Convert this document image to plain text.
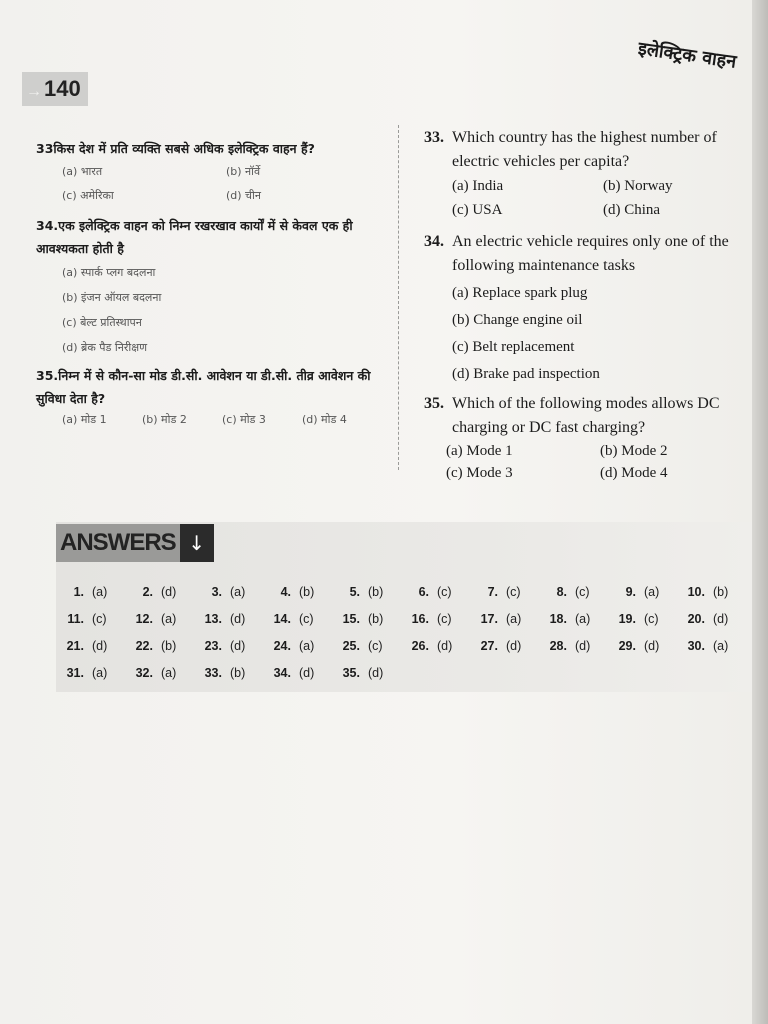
→140
इलेक्ट्रिक वाहन
33किस देश में प्रति व्यक्ति सबसे अधिक इलेक्ट्रिक वाहन हैं?
(a) भारत	(b) नॉर्वे
(c) अमेरिका	(d) चीन
34.एक इलेक्ट्रिक वाहन को निम्न रखरखाव कार्यों में से केवल एक ही आवश्यकता होती है
(a) स्पार्क प्लग बदलना
(b) इंजन ऑयल बदलना
(c) बेल्ट प्रतिस्थापन
(d) ब्रेक पैड निरीक्षण
35.निम्न में से कौन-सा मोड डी.सी. आवेशन या डी.सी. तीव्र आवेशन की सुविधा देता है?
(a) मोड 1	(b) मोड 2	(c) मोड 3	(d) मोड 4
33. Which country has the highest number of electric vehicles per capita?
(a) India	(b) Norway
(c) USA	(d) China
34. An electric vehicle requires only one of the following maintenance tasks
(a) Replace spark plug
(b) Change engine oil
(c) Belt replacement
(d) Brake pad inspection
35. Which of the following modes allows DC charging or DC fast charging?
(a) Mode 1	(b) Mode 2
(c) Mode 3	(d) Mode 4
ANSWERS ↓
1. (a)	2. (d)	3. (a)	4. (b)	5. (b)	6. (c)	7. (c)	8. (c)	9. (a)	10. (b)
11. (c)	12. (a)	13. (d)	14. (c)	15. (b)	16. (c)	17. (a)	18. (a)	19. (c)	20. (d)
21. (d)	22. (b)	23. (d)	24. (a)	25. (c)	26. (d)	27. (d)	28. (d)	29. (d)	30. (a)
31. (a)	32. (a)	33. (b)	34. (d)	35. (d)
